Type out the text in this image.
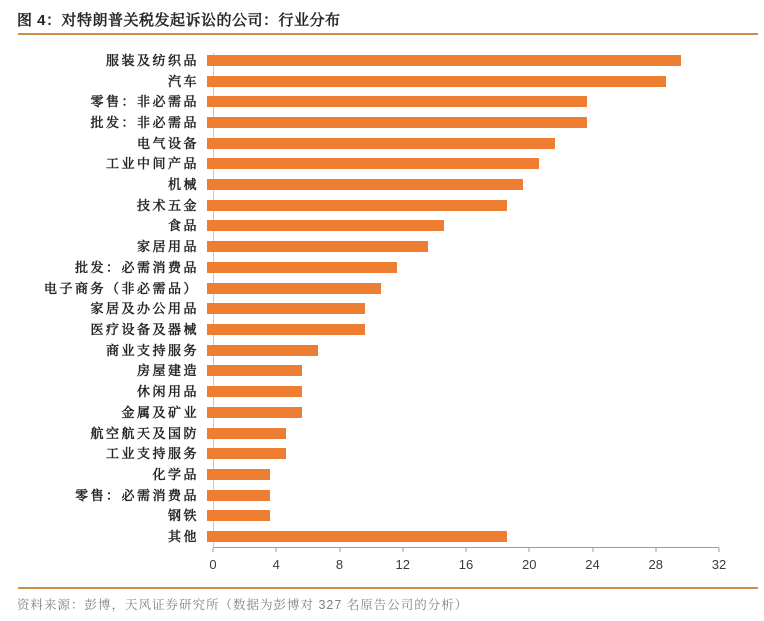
图 4：对特朗普关税发起诉讼的公司：行业分布
服装及纺织品
汽车
零售：非必需品
批发：非必需品
电气设备
工业中间产品
机械
技术五金
食品
家居用品
批发：必需消费品
电子商务（非必需品）
家居及办公用品
医疗设备及器械
商业支持服务
房屋建造
休闲用品
金属及矿业
航空航天及国防
工业支持服务
化学品
零售：必需消费品
钢铁
其他
0	4	8	12	16	20	24	28	32
资料来源：彭博，天风证券研究所（数据为彭博对 327 名原告公司的分析）
